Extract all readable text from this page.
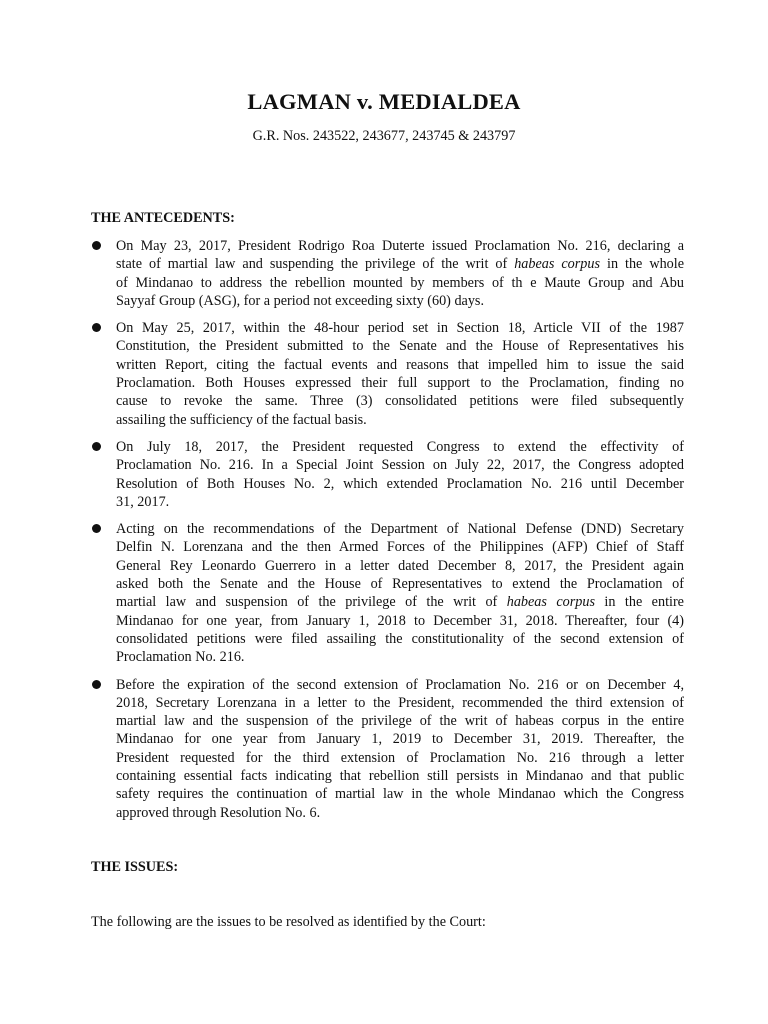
LAGMAN v. MEDIALDEA
G.R. Nos. 243522, 243677, 243745 & 243797
THE ANTECEDENTS:
On May 23, 2017, President Rodrigo Roa Duterte issued Proclamation No. 216, declaring a
state of martial law and suspending the privilege of the writ of habeas corpus in the whole
of Mindanao to address the rebellion mounted by members of th e Maute Group and Abu
Sayyaf Group (ASG), for a period not exceeding sixty (60) days.
On May 25, 2017, within the 48-hour period set in Section 18, Article VII of the 1987
Constitution, the President submitted to the Senate and the House of Representatives his
written Report, citing the factual events and reasons that impelled him to issue the said
Proclamation. Both Houses expressed their full support to the Proclamation, finding no
cause to revoke the same. Three (3) consolidated petitions were filed subsequently
assailing the sufficiency of the factual basis.
On July 18, 2017, the President requested Congress to extend the effectivity of
Proclamation No. 216. In a Special Joint Session on July 22, 2017, the Congress adopted
Resolution of Both Houses No. 2, which extended Proclamation No. 216 until December
31, 2017.
Acting on the recommendations of the Department of National Defense (DND) Secretary
Delfin N. Lorenzana and the then Armed Forces of the Philippines (AFP) Chief of Staff
General Rey Leonardo Guerrero in a letter dated December 8, 2017, the President again
asked both the Senate and the House of Representatives to extend the Proclamation of
martial law and suspension of the privilege of the writ of habeas corpus in the entire
Mindanao for one year, from January 1, 2018 to December 31, 2018. Thereafter, four (4)
consolidated petitions were filed assailing the constitutionality of the second extension of
Proclamation No. 216.
Before the expiration of the second extension of Proclamation No. 216 or on December 4,
2018, Secretary Lorenzana in a letter to the President, recommended the third extension of
martial law and the suspension of the privilege of the writ of habeas corpus in the entire
Mindanao for one year from January 1, 2019 to December 31, 2019. Thereafter, the
President requested for the third extension of Proclamation No. 216 through a letter
containing essential facts indicating that rebellion still persists in Mindanao and that public
safety requires the continuation of martial law in the whole Mindanao which the Congress
approved through Resolution No. 6.
THE ISSUES:
The following are the issues to be resolved as identified by the Court:
